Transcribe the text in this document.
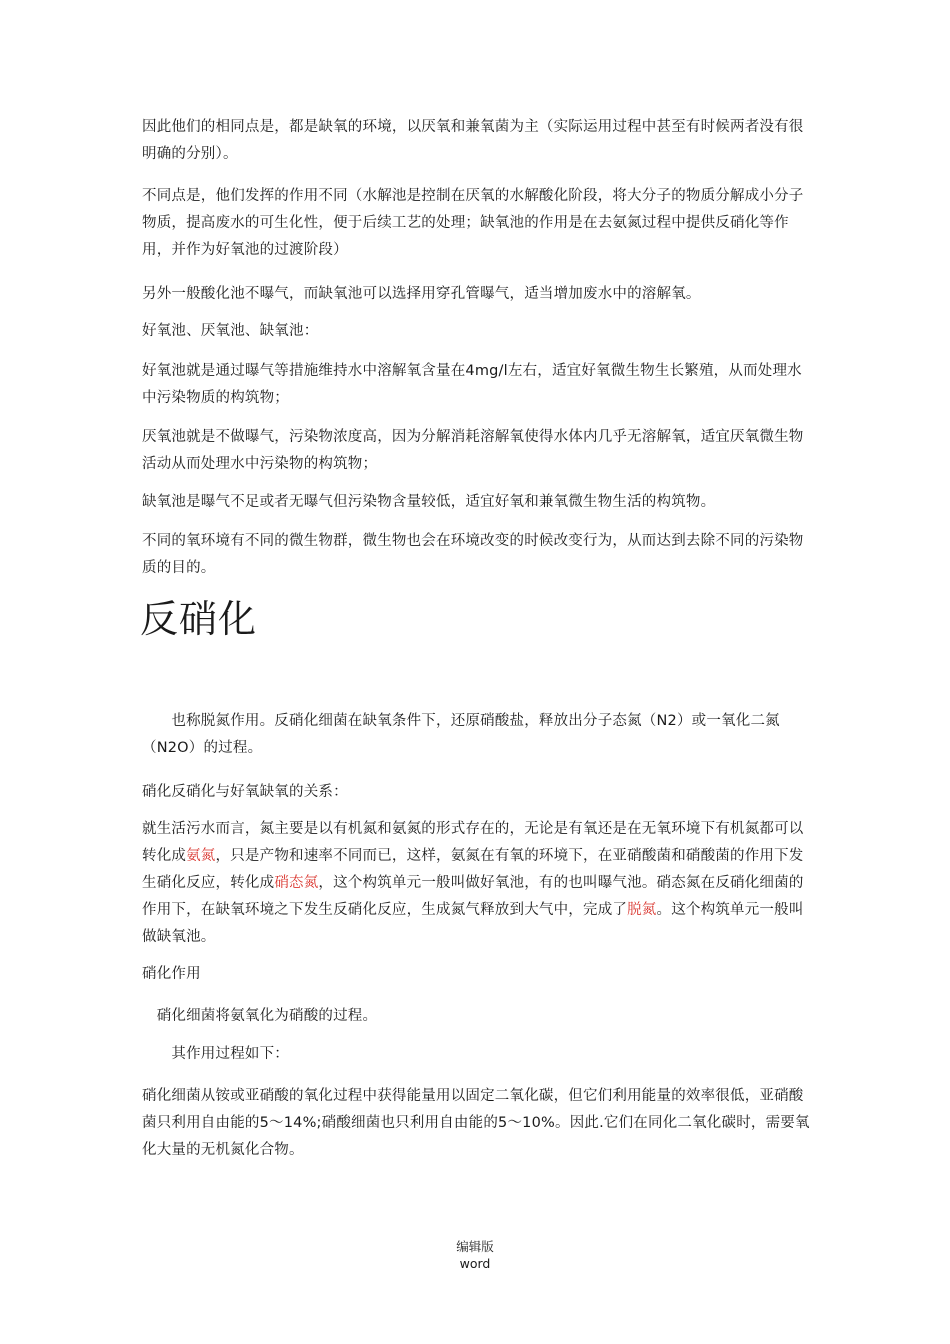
因此他们的相同点是，都是缺氧的环境，以厌氧和兼氧菌为主（实际运用过程中甚至有时候两者没有很明确的分别）。

不同点是，他们发挥的作用不同（水解池是控制在厌氧的水解酸化阶段，将大分子的物质分解成小分子物质，提高废水的可生化性，便于后续工艺的处理；缺氧池的作用是在去氨氮过程中提供反硝化等作用，并作为好氧池的过渡阶段）

另外一般酸化池不曝气，而缺氧池可以选择用穿孔管曝气，适当增加废水中的溶解氧。

好氧池、厌氧池、缺氧池：

好氧池就是通过曝气等措施维持水中溶解氧含量在4mg/l左右，适宜好氧微生物生长繁殖，从而处理水中污染物质的构筑物；

厌氧池就是不做曝气，污染物浓度高，因为分解消耗溶解氧使得水体内几乎无溶解氧，适宜厌氧微生物活动从而处理水中污染物的构筑物；

缺氧池是曝气不足或者无曝气但污染物含量较低，适宜好氧和兼氧微生物生活的构筑物。

不同的氧环境有不同的微生物群，微生物也会在环境改变的时候改变行为，从而达到去除不同的污染物质的目的。

反硝化

　　也称脱氮作用。反硝化细菌在缺氧条件下，还原硝酸盐，释放出分子态氮（N2）或一氧化二氮（N2O）的过程。

硝化反硝化与好氧缺氧的关系：

就生活污水而言，氮主要是以有机氮和氨氮的形式存在的，无论是有氧还是在无氧环境下有机氮都可以转化成氨氮，只是产物和速率不同而已，这样，氨氮在有氧的环境下，在亚硝酸菌和硝酸菌的作用下发生硝化反应，转化成硝态氮，这个构筑单元一般叫做好氧池，有的也叫曝气池。硝态氮在反硝化细菌的作用下，在缺氧环境之下发生反硝化反应，生成氮气释放到大气中，完成了脱氮。这个构筑单元一般叫做缺氧池。

硝化作用

　硝化细菌将氨氧化为硝酸的过程。

　　其作用过程如下：

硝化细菌从铵或亚硝酸的氧化过程中获得能量用以固定二氧化碳，但它们利用能量的效率很低，亚硝酸菌只利用自由能的5～14%;硝酸细菌也只利用自由能的5～10%。因此.它们在同化二氧化碳时，需要氧化大量的无机氮化合物。

编辑版
word
